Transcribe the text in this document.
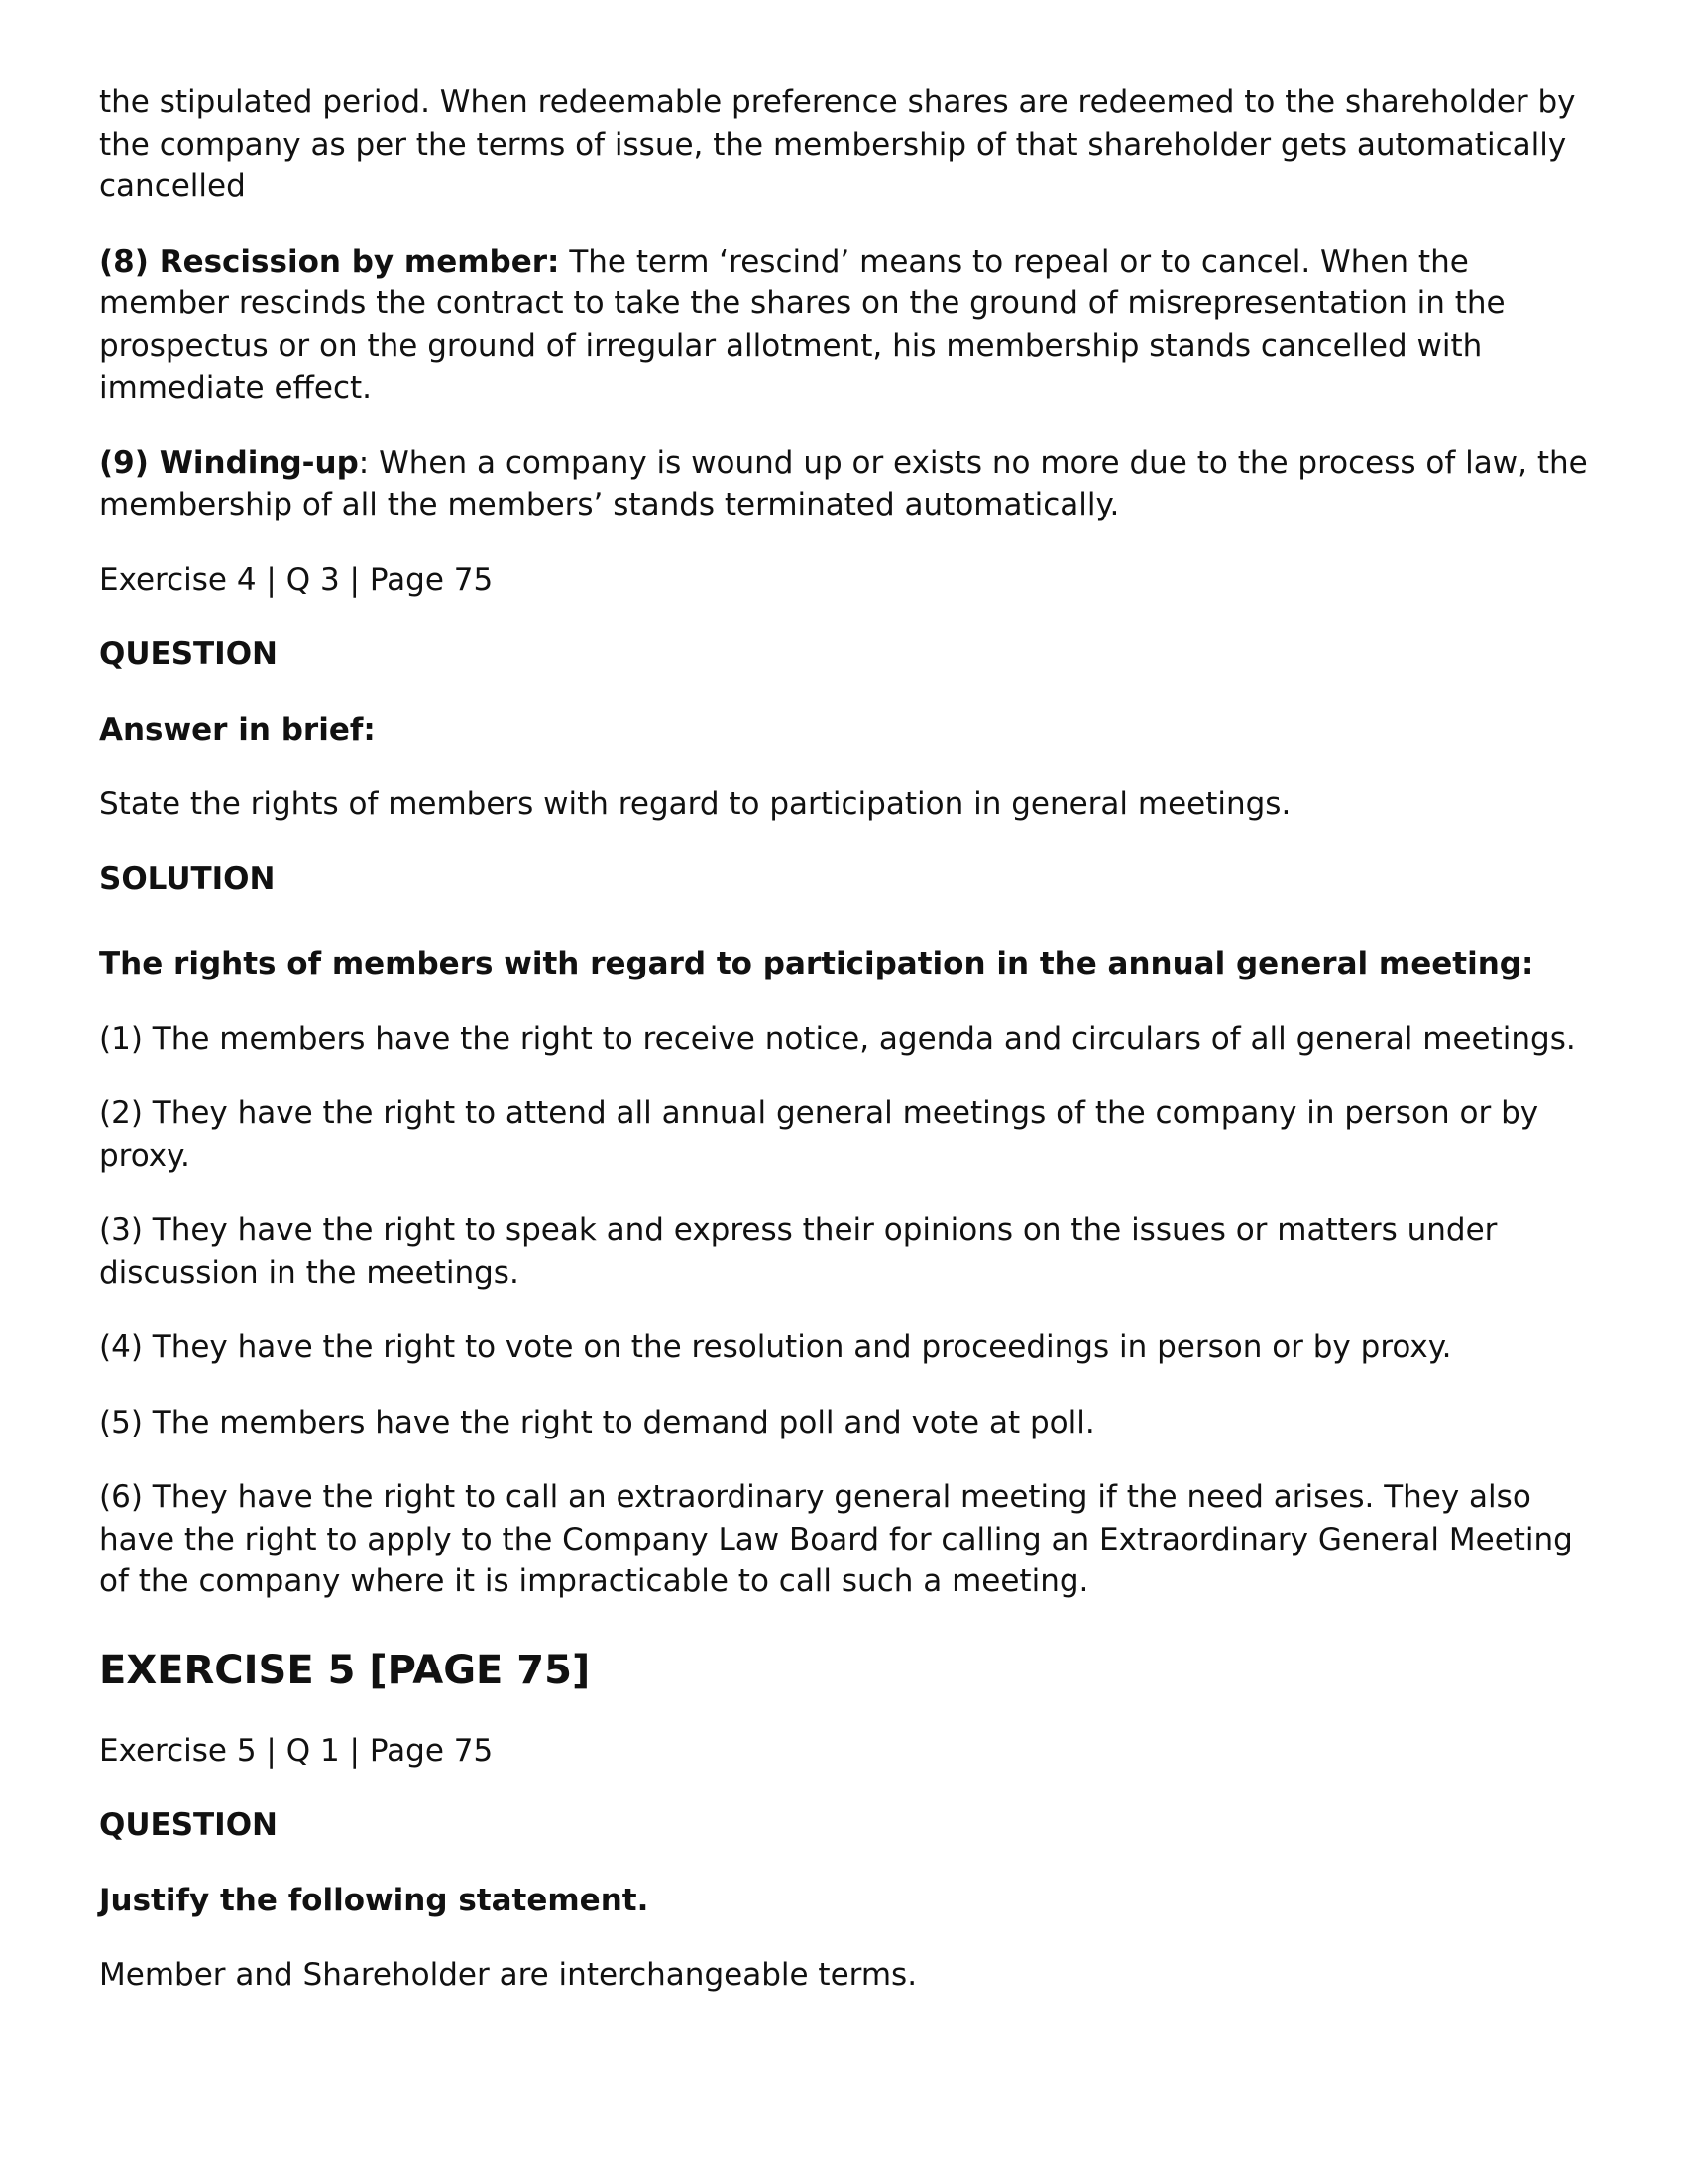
the stipulated period. When redeemable preference shares are redeemed to the shareholder by the company as per the terms of issue, the membership of that shareholder gets automatically cancelled

(8) Rescission by member: The term ‘rescind’ means to repeal or to cancel. When the member rescinds the contract to take the shares on the ground of misrepresentation in the prospectus or on the ground of irregular allotment, his membership stands cancelled with immediate effect.

(9) Winding-up: When a company is wound up or exists no more due to the process of law, the membership of all the members’ stands terminated automatically.

Exercise 4 | Q 3 | Page 75

QUESTION

Answer in brief:

State the rights of members with regard to participation in general meetings.

SOLUTION

The rights of members with regard to participation in the annual general meeting:

(1) The members have the right to receive notice, agenda and circulars of all general meetings.

(2) They have the right to attend all annual general meetings of the company in person or by proxy.

(3) They have the right to speak and express their opinions on the issues or matters under discussion in the meetings.

(4) They have the right to vote on the resolution and proceedings in person or by proxy.

(5) The members have the right to demand poll and vote at poll.

(6) They have the right to call an extraordinary general meeting if the need arises. They also have the right to apply to the Company Law Board for calling an Extraordinary General Meeting of the company where it is impracticable to call such a meeting.

EXERCISE 5 [PAGE 75]

Exercise 5 | Q 1 | Page 75

QUESTION

Justify the following statement.

Member and Shareholder are interchangeable terms.
